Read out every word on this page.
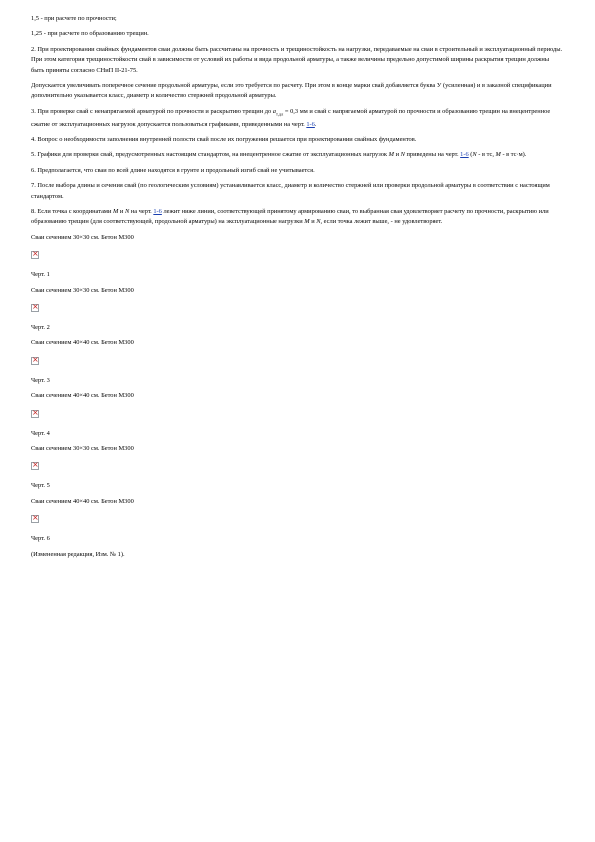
1,5 - при расчете по прочности;

1,25 - при расчете по образованию трещин.

2. При проектировании свайных фундаментов сваи должны быть рассчитаны на прочность и трещиностойкость на нагрузки, передаваемые на сваи в строительный и эксплуатационный периоды. При этом категория трещиностойкости свай в зависимости от условий их работы и вида продольной арматуры, а также величины предельно допустимой ширины раскрытия трещин должны быть приняты согласно СНиП II-21-75.

Допускается увеличивать поперечное сечение продольной арматуры, если это требуется по расчету. При этом в конце марки свай добавляется буква У (усиленная) и в заказной спецификации дополнительно указывается класс, диаметр и количество стержней продольной арматуры.

3. При проверке свай с ненапрягаемой арматурой по прочности и раскрытию трещин до $a_{т.дл} = 0,3$ мм и свай с напрягаемой арматурой по прочности и образованию трещин на внецентренное сжатие от эксплуатационных нагрузок допускается пользоваться графиками, приведенными на черт. 1-6.

4. Вопрос о необходимости заполнения внутренней полости свай после их погружения решается при проектировании свайных фундаментов.

5. Графики для проверки свай, предусмотренных настоящим стандартом, на внецентренное сжатие от эксплуатационных нагрузок M и N приведены на черт. 1-6 (N - в тс, M - в тс·м).

6. Предполагается, что сваи по всей длине находятся в грунте и продольный изгиб свай не учитывается.

7. После выбора длины и сечения свай (по геологическим условиям) устанавливается класс, диаметр и количество стержней или проверки продольной арматуры в соответствии с настоящим стандартом.

8. Если точка с координатами M и N на черт. 1-6 лежит ниже линии, соответствующей принятому армированию сваи, то выбранная свая удовлетворяет расчету по прочности, раскрытию или образованию трещин (для соответствующей, продольной арматуры) на эксплуатационные нагрузки M и N, если точка лежит выше, - не удовлетворяет.

Сваи сечением 30×30 см. Бетон М300

×

Черт. 1

Сваи сечением 30×30 см. Бетон М300

×

Черт. 2

Сваи сечением 40×40 см. Бетон М300

×

Черт. 3

Сваи сечением 40×40 см. Бетон М300

×

Черт. 4

Сваи сечением 30×30 см. Бетон М300

×

Черт. 5

Сваи сечением 40×40 см. Бетон М300

×

Черт. 6

(Измененная редакция, Изм. № 1).
